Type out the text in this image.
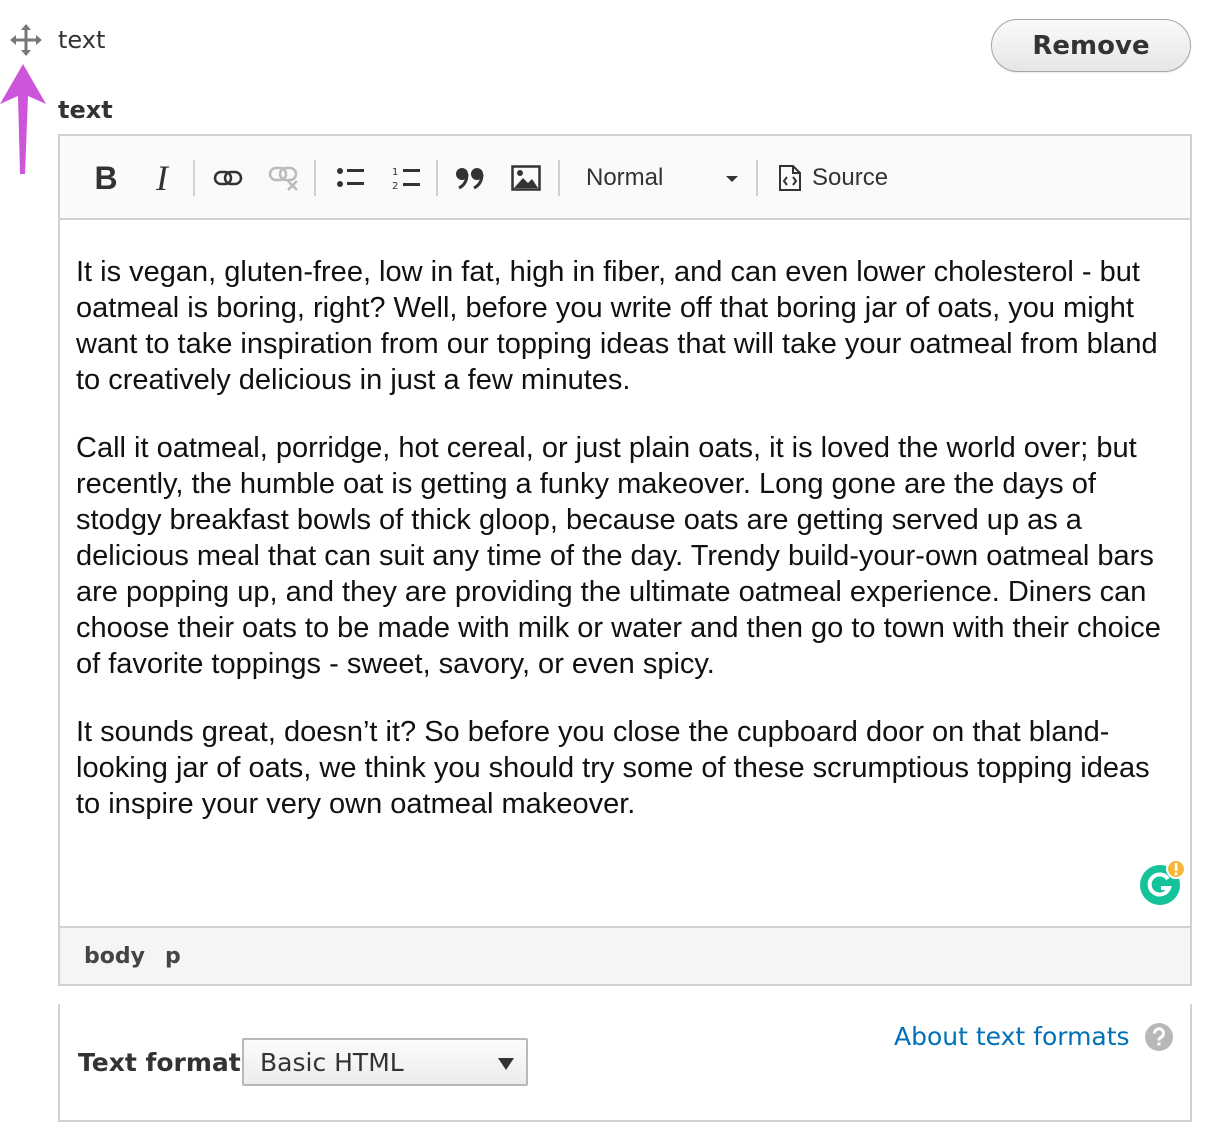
text	Remove
text
B I	1
2	Normal	Source

It is vegan, gluten-free, low in fat, high in fiber, and can even lower cholesterol - but oatmeal is boring, right? Well, before you write off that boring jar of oats, you might want to take inspiration from our topping ideas that will take your oatmeal from bland to creatively delicious in just a few minutes.

Call it oatmeal, porridge, hot cereal, or just plain oats, it is loved the world over; but recently, the humble oat is getting a funky makeover. Long gone are the days of stodgy breakfast bowls of thick gloop, because oats are getting served up as a delicious meal that can suit any time of the day. Trendy build-your-own oatmeal bars are popping up, and they are providing the ultimate oatmeal experience. Diners can choose their oats to be made with milk or water and then go to town with their choice of favorite toppings - sweet, savory, or even spicy.

It sounds great, doesn’t it? So before you close the cupboard door on that bland-looking jar of oats, we think you should try some of these scrumptious topping ideas to inspire your very own oatmeal makeover.

body p
Text format Basic HTML
About text formats
